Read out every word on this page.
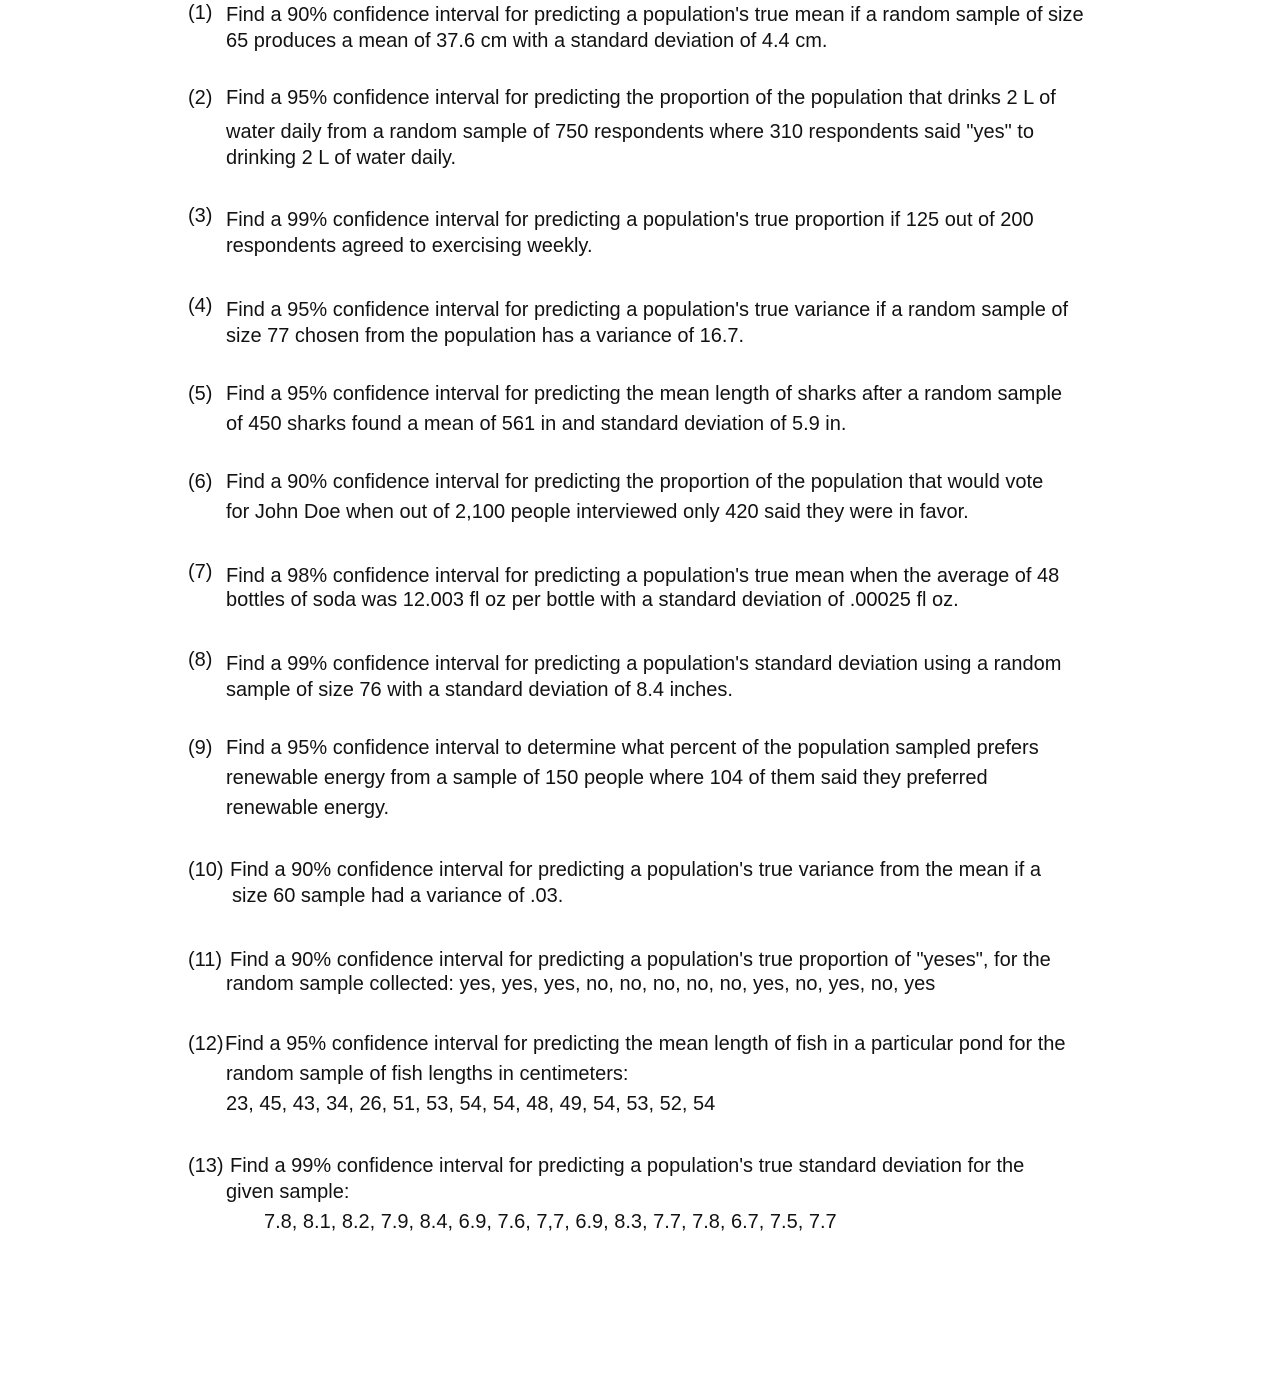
(1) Find a 90% confidence interval for predicting a population's true mean if a random sample of size
65 produces a mean of 37.6 cm with a standard deviation of 4.4 cm.
(2) Find a 95% confidence interval for predicting the proportion of the population that drinks 2 L of
water daily from a random sample of 750 respondents where 310 respondents said "yes" to
drinking 2 L of water daily.
(3) Find a 99% confidence interval for predicting a population's true proportion if 125 out of 200
respondents agreed to exercising weekly.
(4) Find a 95% confidence interval for predicting a population's true variance if a random sample of
size 77 chosen from the population has a variance of 16.7.
(5) Find a 95% confidence interval for predicting the mean length of sharks after a random sample
of 450 sharks found a mean of 561 in and standard deviation of 5.9 in.
(6) Find a 90% confidence interval for predicting the proportion of the population that would vote
for John Doe when out of 2,100 people interviewed only 420 said they were in favor.
(7) Find a 98% confidence interval for predicting a population's true mean when the average of 48
bottles of soda was 12.003 fl oz per bottle with a standard deviation of .00025 fl oz.
(8) Find a 99% confidence interval for predicting a population's standard deviation using a random
sample of size 76 with a standard deviation of 8.4 inches.
(9) Find a 95% confidence interval to determine what percent of the population sampled prefers
renewable energy from a sample of 150 people where 104 of them said they preferred
renewable energy.
(10) Find a 90% confidence interval for predicting a population's true variance from the mean if a
size 60 sample had a variance of .03.
(11) Find a 90% confidence interval for predicting a population's true proportion of "yeses", for the
random sample collected: yes, yes, yes, no, no, no, no, no, yes, no, yes, no, yes
(12) Find a 95% confidence interval for predicting the mean length of fish in a particular pond for the
random sample of fish lengths in centimeters:
23, 45, 43, 34, 26, 51, 53, 54, 54, 48, 49, 54, 53, 52, 54
(13) Find a 99% confidence interval for predicting a population's true standard deviation for the
given sample:
7.8, 8.1, 8.2, 7.9, 8.4, 6.9, 7.6, 7,7, 6.9, 8.3, 7.7, 7.8, 6.7, 7.5, 7.7
